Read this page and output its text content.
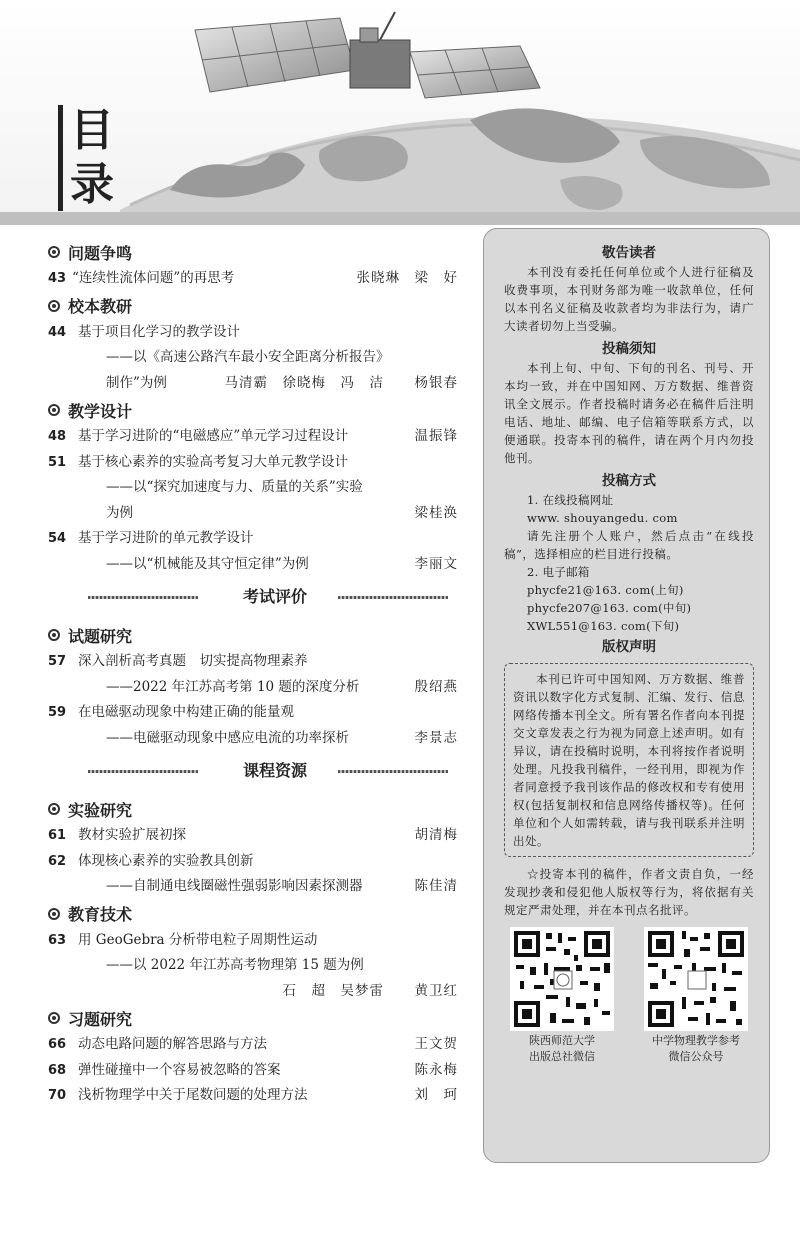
目
录
问题争鸣
43 “连续性流体问题”的再思考	张晓琳　梁　好
校本教研
44 基于项目化学习的教学设计
——以《高速公路汽车最小安全距离分析报告》
制作”为例	马清霸　徐晓梅　冯　洁 杨银春
教学设计
48 基于学习进阶的“电磁感应”单元学习过程设计	温振锋
51 基于核心素养的实验高考复习大单元教学设计
——以“探究加速度与力、质量的关系”实验
为例	梁桂涣
54 基于学习进阶的单元教学设计
——以“机械能及其守恒定律”为例	李丽文
考试评价
试题研究
57 深入剖析高考真题　切实提高物理素养
——2022 年江苏高考第 10 题的深度分析	殷绍燕
59 在电磁驱动现象中构建正确的能量观
——电磁驱动现象中感应电流的功率探析	李景志
课程资源
实验研究
61 教材实验扩展初探	胡清梅
62 体现核心素养的实验教具创新
——自制通电线圈磁性强弱影响因素探测器	陈佳清
教育技术
63 用 GeoGebra 分析带电粒子周期性运动
——以 2022 年江苏高考物理第 15 题为例
石　超　吴梦雷 黄卫红
习题研究
66 动态电路问题的解答思路与方法	王文贺
68 弹性碰撞中一个容易被忽略的答案	陈永梅
70 浅析物理学中关于尾数问题的处理方法	刘　珂
敬告读者

本刊没有委托任何单位或个人进行征稿及收费事项，本刊财务部为唯一收款单位，任何以本刊名义征稿及收款者均为非法行为，请广大读者切勿上当受骗。

投稿须知

本刊上旬、中旬、下旬的刊名、刊号、开本均一致，并在中国知网、万方数据、维普资讯全文展示。作者投稿时请务必在稿件后注明电话、地址、邮编、电子信箱等联系方式，以便通联。投寄本刊的稿件，请在两个月内勿投他刊。

投稿方式
1. 在线投稿网址
www. shouyangedu. com

请先注册个人账户，然后点击“在线投稿”，选择相应的栏目进行投稿。

2. 电子邮箱
phycfe21@163. com(上旬)
phycfe207@163. com(中旬)
XWL551@163. com(下旬)
版权声明

本刊已许可中国知网、万方数据、维普资讯以数字化方式复制、汇编、发行、信息网络传播本刊全文。所有署名作者向本刊提交文章发表之行为视为同意上述声明。如有异议，请在投稿时说明，本刊将按作者说明处理。凡投我刊稿件，一经刊用，即视为作者同意授予我刊该作品的修改权和专有使用权(包括复制权和信息网络传播权等)。任何单位和个人如需转载，请与我刊联系并注明出处。

☆投寄本刊的稿件，作者文责自负，一经发现抄袭和侵犯他人版权等行为，将依据有关规定严肃处理，并在本刊点名批评。

陕西师范大学
出版总社微信
中学物理教学参考
微信公众号
